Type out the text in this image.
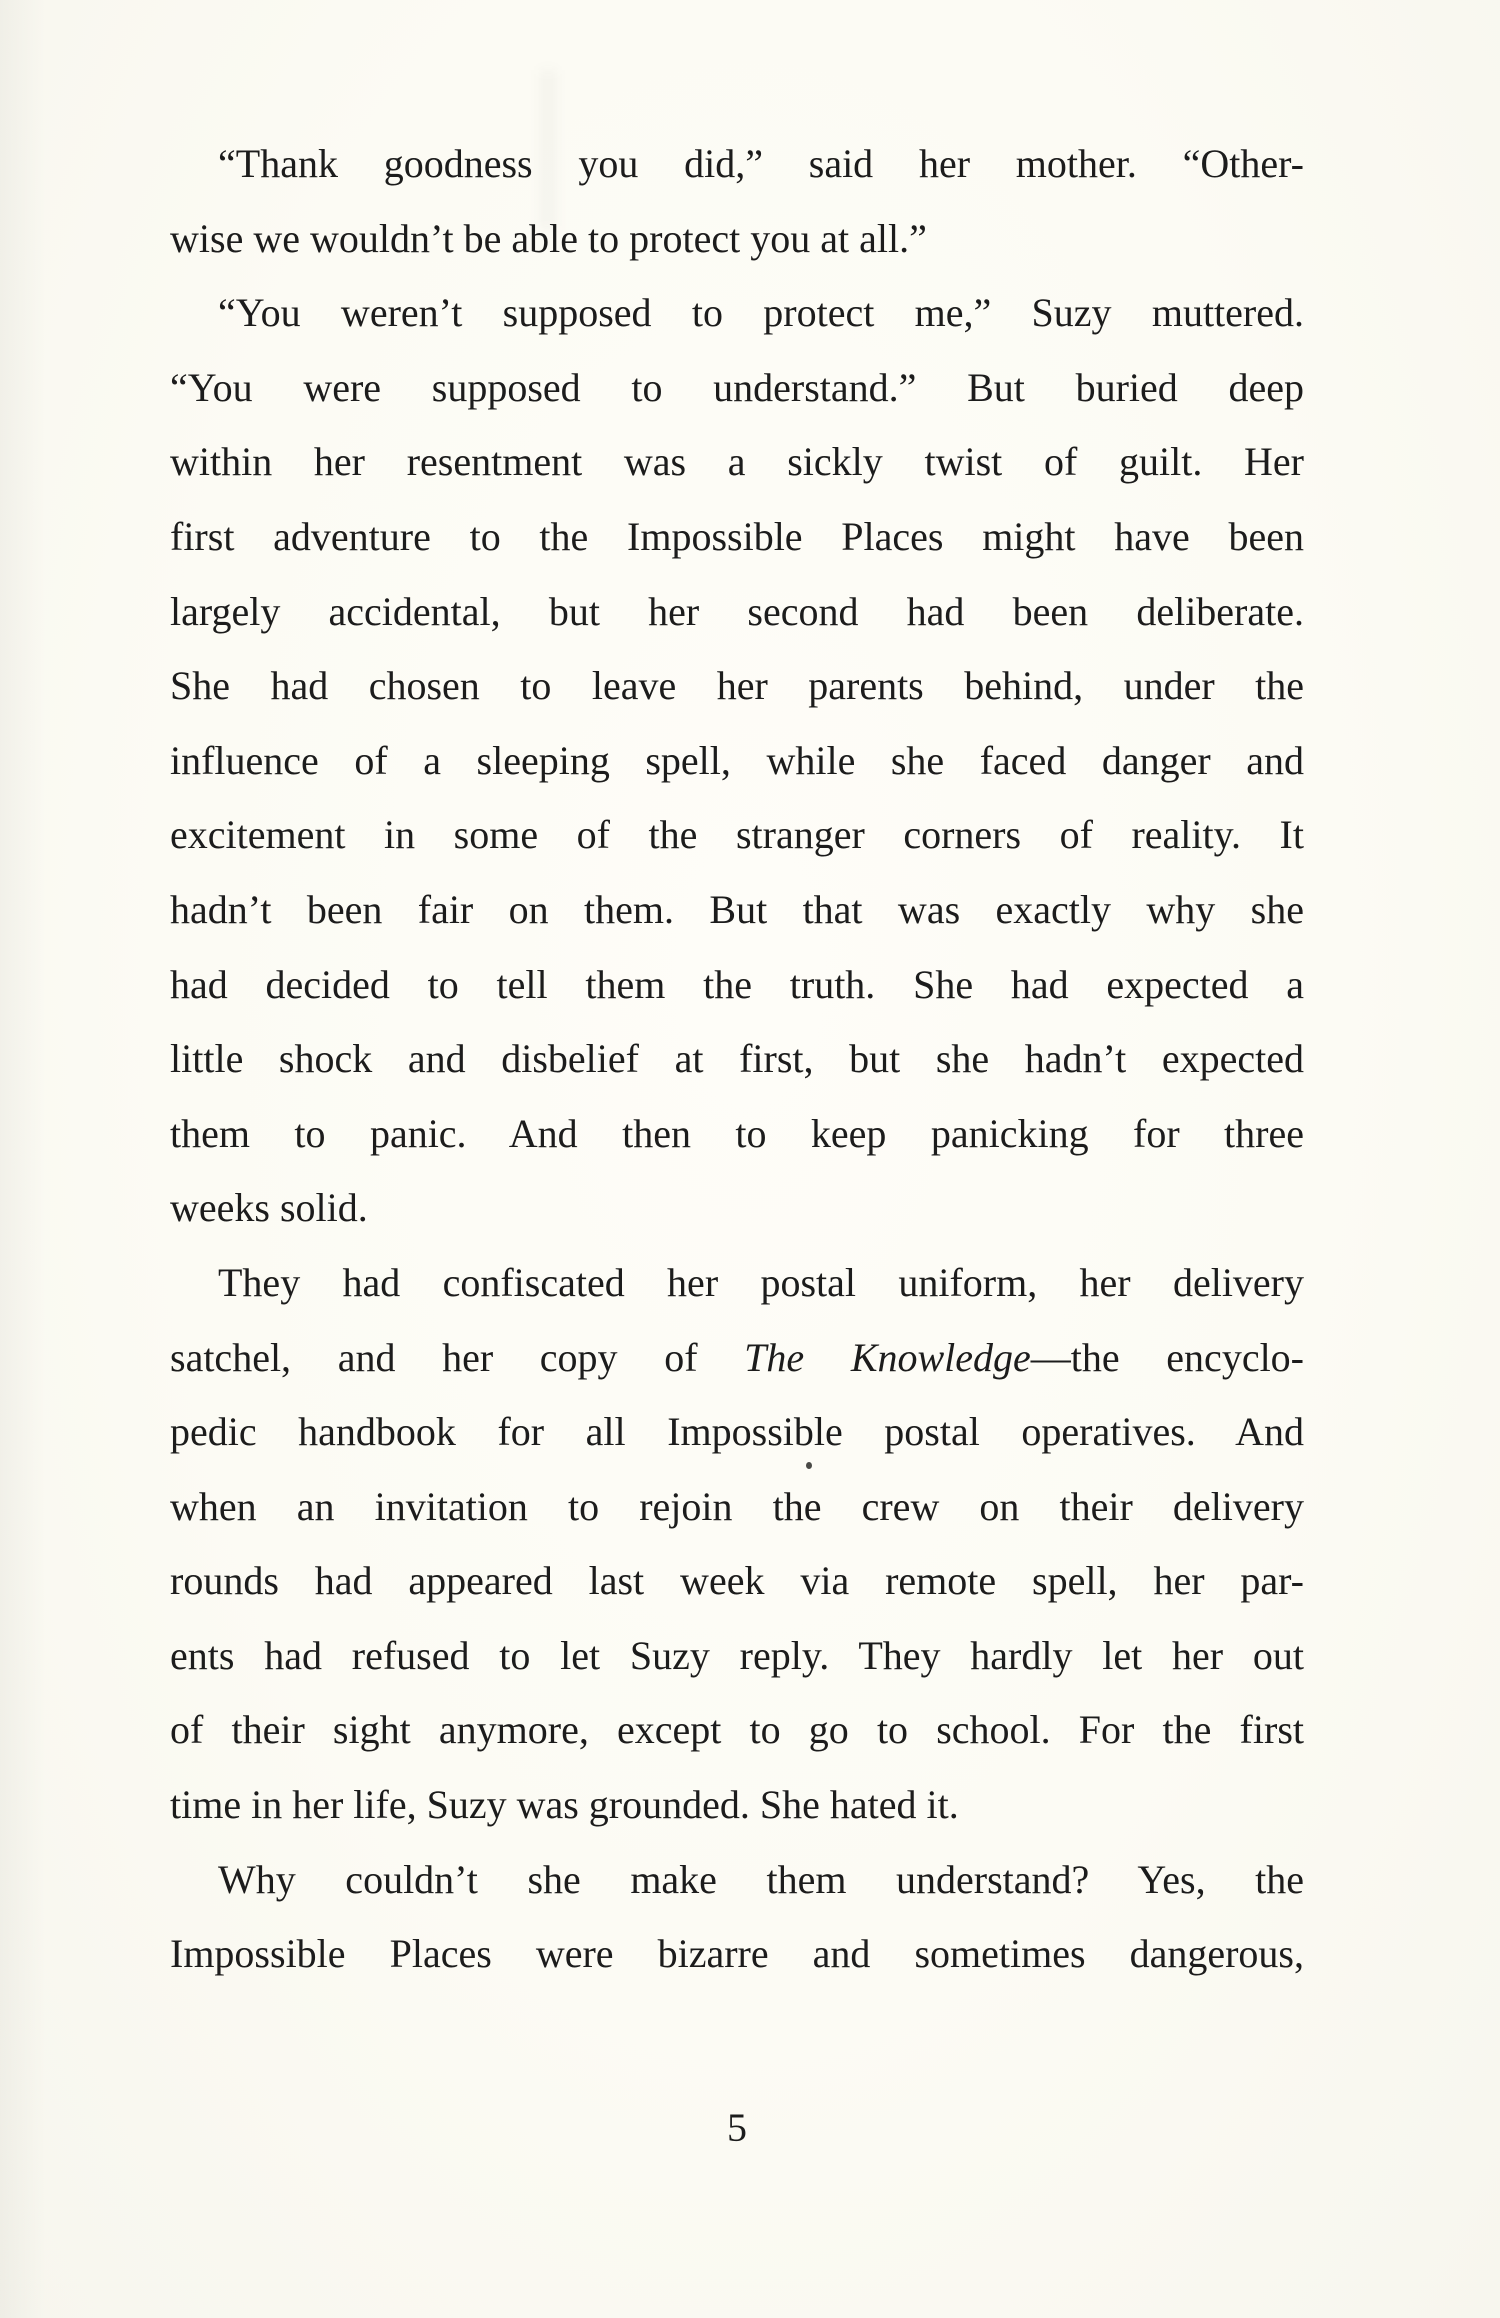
“Thank goodness you did,” said her mother. “Other-
wise we wouldn’t be able to protect you at all.”
“You weren’t supposed to protect me,” Suzy muttered.
“You were supposed to understand.” But buried deep
within her resentment was a sickly twist of guilt. Her
first adventure to the Impossible Places might have been
largely accidental, but her second had been deliberate.
She had chosen to leave her parents behind, under the
influence of a sleeping spell, while she faced danger and
excitement in some of the stranger corners of reality. It
hadn’t been fair on them. But that was exactly why she
had decided to tell them the truth. She had expected a
little shock and disbelief at first, but she hadn’t expected
them to panic. And then to keep panicking for three
weeks solid.
They had confiscated her postal uniform, her delivery
satchel, and her copy of The Knowledge—the encyclo-
pedic handbook for all Impossible postal operatives. And
when an invitation to rejoin the crew on their delivery
rounds had appeared last week via remote spell, her par-
ents had refused to let Suzy reply. They hardly let her out
of their sight anymore, except to go to school. For the first
time in her life, Suzy was grounded. She hated it.
Why couldn’t she make them understand? Yes, the
Impossible Places were bizarre and sometimes dangerous,
5
